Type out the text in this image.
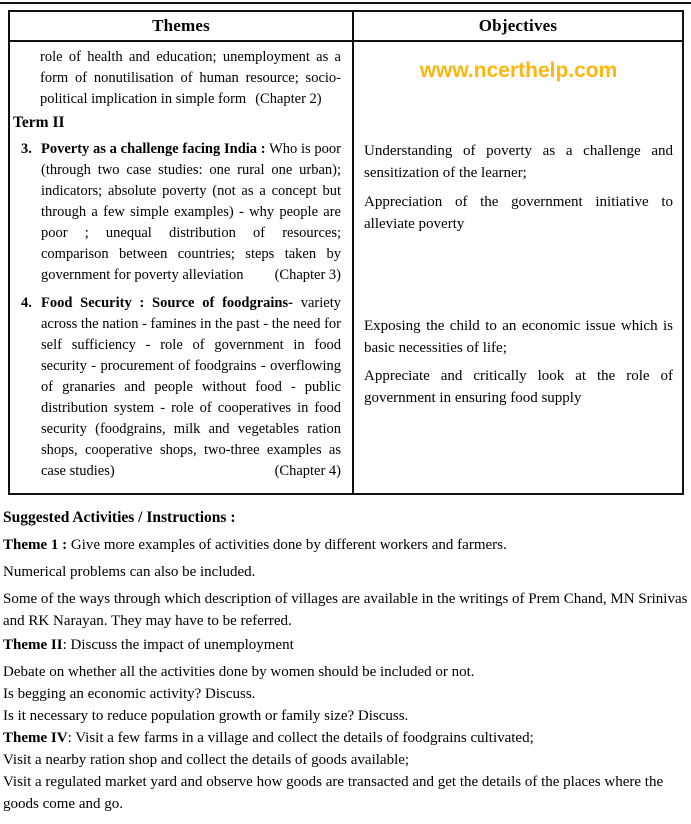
Themes	Objectives

role of health and education; unemployment as a form of nonutilisation of human resource; socio-political implication in simple form (Chapter 2)

Term II
3. Poverty as a challenge facing India : Who is poor (through two case studies: one rural one urban); indicators; absolute poverty (not as a concept but through a few simple examples) - why people are poor ; unequal distribution of resources; comparison between countries; steps taken by government for poverty alleviation (Chapter 3)
4. Food Security : Source of foodgrains- variety across the nation - famines in the past - the need for self sufficiency - role of government in food security - procurement of foodgrains - overflowing of granaries and people without food - public distribution system - role of cooperatives in food security (foodgrains, milk and vegetables ration shops, cooperative shops, two-three examples as case studies)	(Chapter 4)
www.ncerthelp.com

Understanding of poverty as a challenge and sensitization of the learner;

Appreciation of the government initiative to alleviate poverty

Exposing the child to an economic issue which is basic necessities of life;

Appreciate and critically look at the role of government in ensuring food supply

Suggested Activities / Instructions :

Theme 1 : Give more examples of activities done by different workers and farmers.

Numerical problems can also be included.

Some of the ways through which description of villages are available in the writings of Prem Chand, MN Srinivas and RK Narayan. They may have to be referred.

Theme II: Discuss the impact of unemployment

Debate on whether all the activities done by women should be included or not.

Is begging an economic activity? Discuss.

Is it necessary to reduce population growth or family size? Discuss.

Theme IV: Visit a few farms in a village and collect the details of foodgrains cultivated;

Visit a nearby ration shop and collect the details of goods available;

Visit a regulated market yard and observe how goods are transacted and get the details of the places where the goods come and go.
